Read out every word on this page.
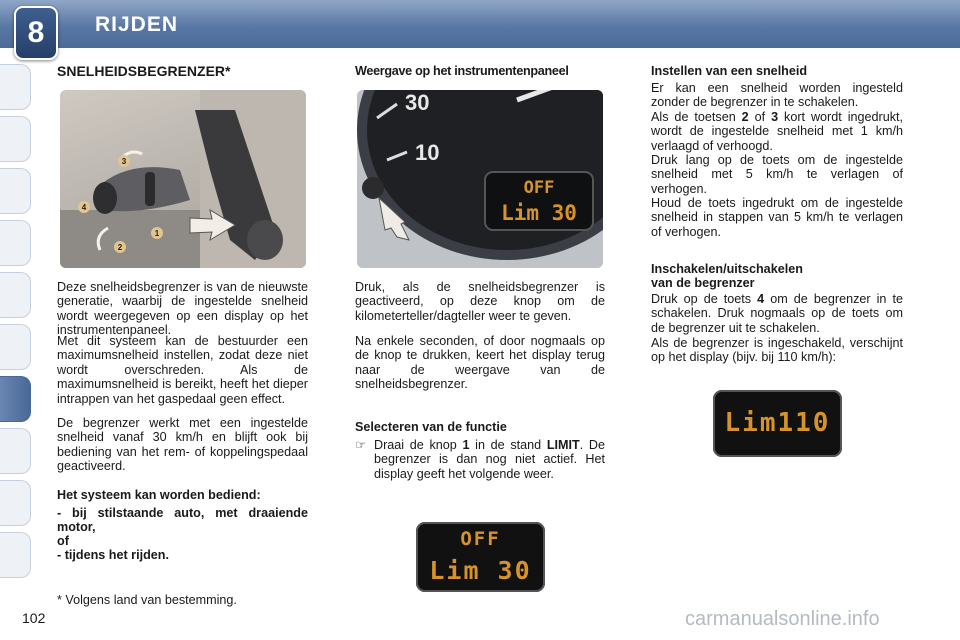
RIJDEN
8
SNELHEIDSBEGRENZER*
3
4
2
1
Deze snelheidsbegrenzer is van de nieuwste generatie, waarbij de ingestelde snelheid wordt weergegeven op een display op het instrumentenpaneel.
Met dit systeem kan de bestuurder een maximumsnelheid instellen, zodat deze niet wordt overschreden. Als de maximumsnelheid is bereikt, heeft het dieper intrappen van het gaspedaal geen effect.
De begrenzer werkt met een ingestelde snelheid vanaf 30 km/h en blijft ook bij bediening van het rem- of koppelingspedaal geactiveerd.
Het systeem kan worden bediend:
- bij stilstaande auto, met draaiende motor,
of
- tijdens het rijden.
* Volgens land van bestemming.
102
Weergave op het instrumentenpaneel
30
10
OFF
Lim 30
Druk, als de snelheidsbegrenzer is geactiveerd, op deze knop om de kilometerteller/dagteller weer te geven.
Na enkele seconden, of door nogmaals op de knop te drukken, keert het display terug naar de weergave van de snelheidsbegrenzer.
Selecteren van de functie
☞ Draai de knop 1 in de stand LIMIT. De begrenzer is dan nog niet actief. Het display geeft het volgende weer.
OFF
Lim 30
Instellen van een snelheid
Er kan een snelheid worden ingesteld zonder de begrenzer in te schakelen.
Als de toetsen 2 of 3 kort wordt ingedrukt, wordt de ingestelde snelheid met 1 km/h verlaagd of verhoogd.
Druk lang op de toets om de ingestelde snelheid met 5 km/h te verlagen of verhogen.
Houd de toets ingedrukt om de ingestelde snelheid in stappen van 5 km/h te verlagen of verhogen.
Inschakelen/uitschakelen
van de begrenzer
Druk op de toets 4 om de begrenzer in te schakelen. Druk nogmaals op de toets om de begrenzer uit te schakelen.
Als de begrenzer is ingeschakeld, verschijnt op het display (bijv. bij 110 km/h):
Lim110
carmanualsonline.info
